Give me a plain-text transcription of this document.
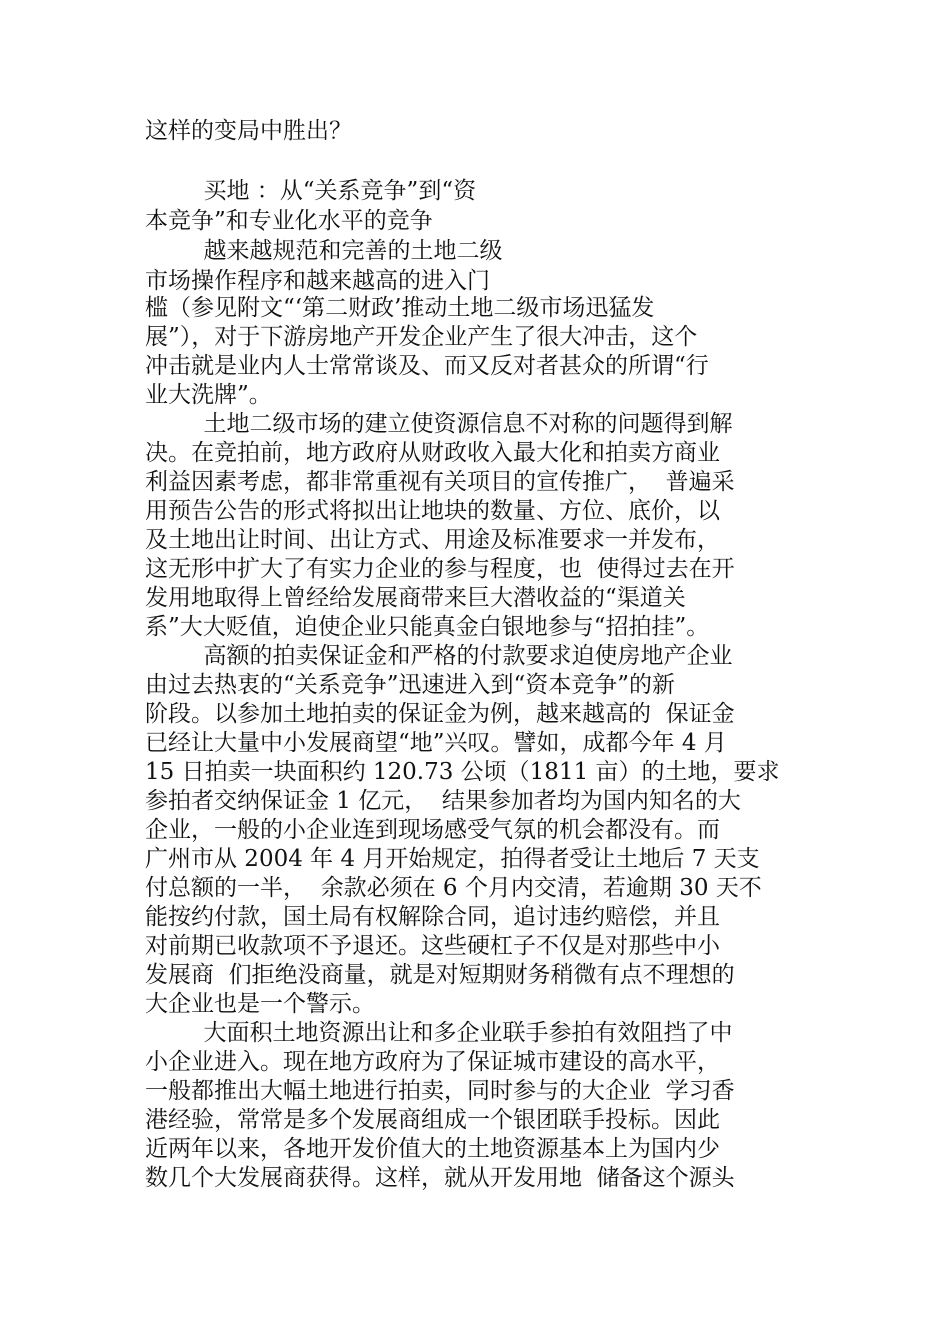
这样的变局中胜出？

买地 ：从“关系竞争”到“资

本竞争”和专业化水平的竞争

越来越规范和完善的土地二级

市场操作程序和越来越高的进入门

槛（参见附文“‘第二财政’推动土地二级市场迅猛发

展”），对于下游房地产开发企业产生了很大冲击，这个

冲击就是业内人士常常谈及、而又反对者甚众的所谓“行

业大洗牌”。

土地二级市场的建立使资源信息不对称的问题得到解

决。在竞拍前，地方政府从财政收入最大化和拍卖方商业

利益因素考虑，都非常重视有关项目的宣传推广，  普遍采

用预告公告的形式将拟出让地块的数量、方位、底价，以

及土地出让时间、出让方式、用途及标准要求一并发布，

这无形中扩大了有实力企业的参与程度，也  使得过去在开

发用地取得上曾经给发展商带来巨大潜收益的“渠道关

系”大大贬值，迫使企业只能真金白银地参与“招拍挂”。

高额的拍卖保证金和严格的付款要求迫使房地产企业

由过去热衷的“关系竞争”迅速进入到“资本竞争”的新

阶段。以参加土地拍卖的保证金为例，越来越高的  保证金

已经让大量中小发展商望“地”兴叹。譬如，成都今年 4 月

15 日拍卖一块面积约 120.73 公顷（1811 亩）的土地，要求

参拍者交纳保证金 1 亿元，  结果参加者均为国内知名的大

企业，一般的小企业连到现场感受气氛的机会都没有。而

广州市从 2004 年 4 月开始规定，拍得者受让土地后 7 天支

付总额的一半，  余款必须在 6 个月内交清，若逾期 30 天不

能按约付款，国土局有权解除合同，追讨违约赔偿，并且

对前期已收款项不予退还。这些硬杠子不仅是对那些中小

发展商  们拒绝没商量，就是对短期财务稍微有点不理想的

大企业也是一个警示。

大面积土地资源出让和多企业联手参拍有效阻挡了中

小企业进入。现在地方政府为了保证城市建设的高水平，

一般都推出大幅土地进行拍卖，同时参与的大企业  学习香

港经验，常常是多个发展商组成一个银团联手投标。因此

近两年以来，各地开发价值大的土地资源基本上为国内少

数几个大发展商获得。这样，就从开发用地  储备这个源头
